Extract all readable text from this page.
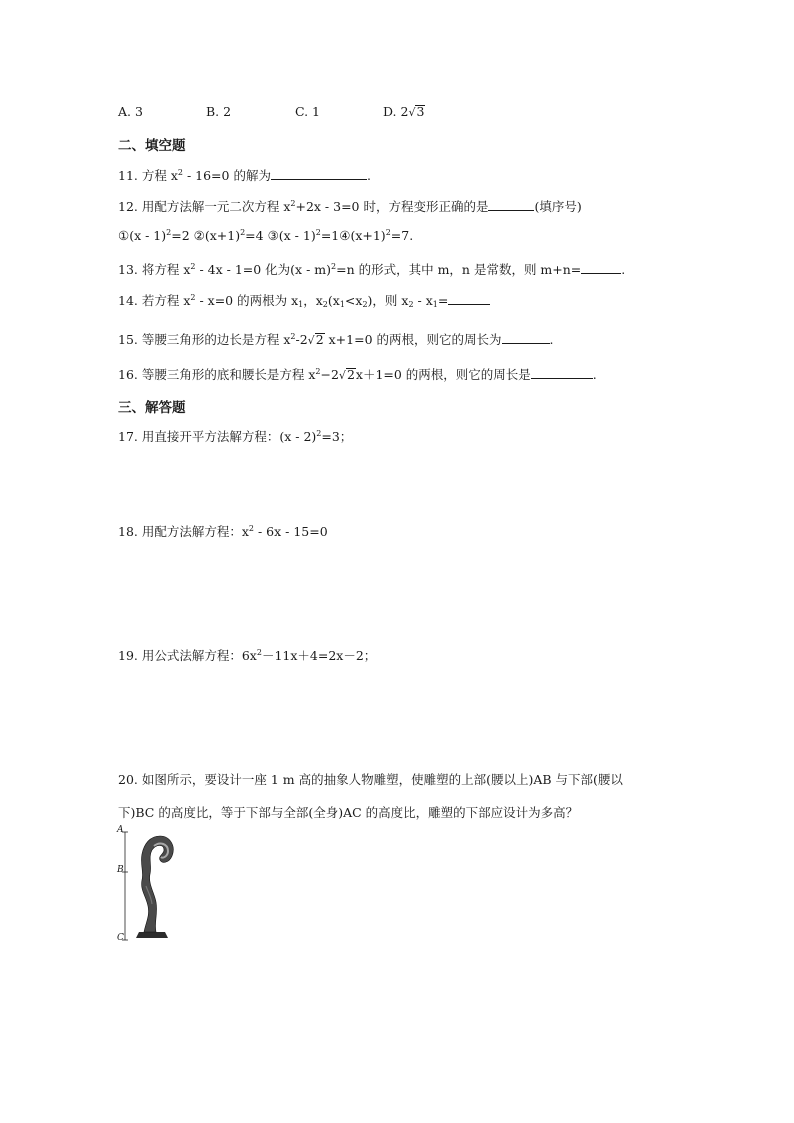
A. 3	B. 2	C. 1	D. 2√3
二、填空题
11. 方程 $x^2 - 16=0$ 的解为	.
12. 用配方法解一元二次方程 $x^2+2x - 3=0$ 时，方程变形正确的是	(填序号)
①(x - 1)$^2$=2 $②(x+1)^2=4$ ③(x - $1)^2=1④(x+1)^2=7$.
13. 将方程 $x^2 - 4x - 1=0$ 化为(x - m)$^2$=n 的形式，其中 m，n 是常数，则 m+n=	.
14. 若方程 $x^2 - x=0$ 的两根为 $x_1$，$x_2(x_1<x_2)$，则 $x_2 - x_1=$
15. 等腰三角形的边长是方程 $x^2-2√2$ x+1=0 的两根，则它的周长为	.
16. 等腰三角形的底和腰长是方程 $x^2-2√2x+1=0$ 的两根，则它的周长是	.
三、解答题
17. 用直接开平方法解方程：(x - 2)$^2$=3；
18. 用配方法解方程：$x^2 - 6x - 15=0$
19. 用公式法解方程：$6x^2-11x+4=2x-2$；
20. 如图所示，要设计一座 1 m 高的抽象人物雕塑，使雕塑的上部(腰以上)AB 与下部(腰以
下)BC 的高度比，等于下部与全部(全身)AC 的高度比，雕塑的下部应设计为多高？
A
B
C
